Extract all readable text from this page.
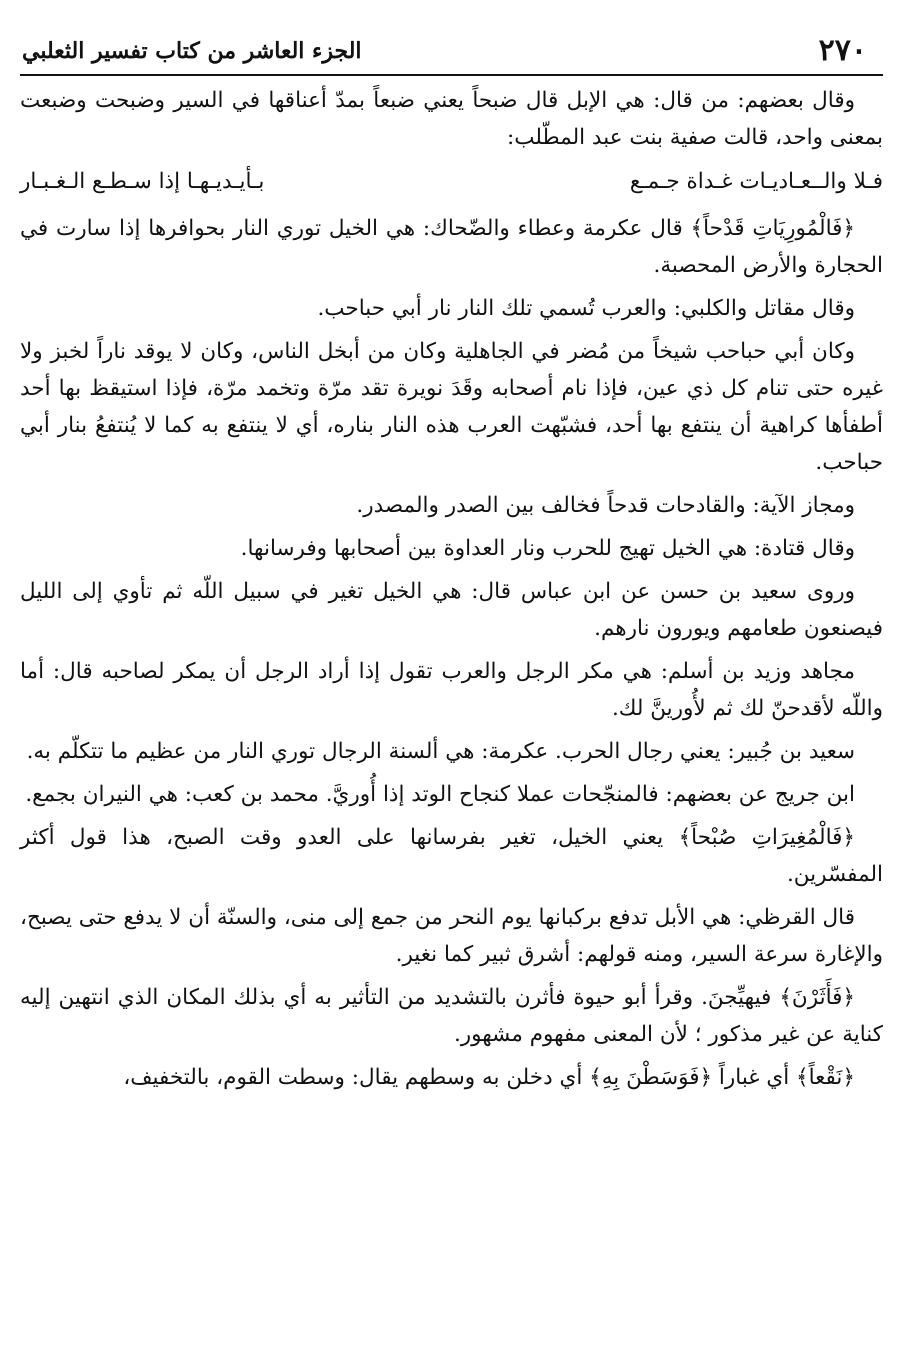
٢٧٠
الجزء العاشر من كتاب تفسير الثعلبي

وقال بعضهم: من قال: هي الإبل قال ضبحاً يعني ضبعاً بمدّ أعناقها في السير وضبحت وضبعت بمعنى واحد، قالت صفية بنت عبد المطّلب:

فـلا والــعـاديـات غـداة جـمـع
بـأيـديـهـا إذا سـطـع الـغـبـار

﴿فَالْمُورِيَاتِ قَدْحاً﴾ قال عكرمة وعطاء والضّحاك: هي الخيل توري النار بحوافرها إذا سارت في الحجارة والأرض المحصبة.

وقال مقاتل والكلبي: والعرب تُسمي تلك النار نار أبي حباحب.

وكان أبي حباحب شيخاً من مُضر في الجاهلية وكان من أبخل الناس، وكان لا يوقد ناراً لخبز ولا غيره حتى تنام كل ذي عين، فإذا نام أصحابه وقَدَ نويرة تقد مرّة وتخمد مرّة، فإذا استيقظ بها أحد أطفأها كراهية أن ينتفع بها أحد، فشبّهت العرب هذه النار بناره، أي لا ينتفع به كما لا يُنتفعُ بنار أبي حباحب.

ومجاز الآية: والقادحات قدحاً فخالف بين الصدر والمصدر.

وقال قتادة: هي الخيل تهيج للحرب ونار العداوة بين أصحابها وفرسانها.

وروى سعيد بن حسن عن ابن عباس قال: هي الخيل تغير في سبيل اللّه ثم تأوي إلى الليل فيصنعون طعامهم ويورون نارهم.

مجاهد وزيد بن أسلم: هي مكر الرجل والعرب تقول إذا أراد الرجل أن يمكر لصاحبه قال: أما واللّه لأقدحنّ لك ثم لأُورينَّ لك.

سعيد بن جُبير: يعني رجال الحرب. عكرمة: هي ألسنة الرجال توري النار من عظيم ما تتكلّم به.

ابن جريج عن بعضهم: فالمنجّحات عملا كنجاح الوتد إذا أُوريَّ. محمد بن كعب: هي النيران بجمع.

﴿فَالْمُغِيرَاتِ صُبْحاً﴾ يعني الخيل، تغير بفرسانها على العدو وقت الصبح، هذا قول أكثر المفسّرين.

قال القرظي: هي الأبل تدفع بركبانها يوم النحر من جمع إلى منى، والسنّة أن لا يدفع حتى يصبح، والإغارة سرعة السير، ومنه قولهم: أشرق ثبير كما نغير.

﴿فَأَثَرْنَ﴾ فيهيِّجنَ. وقرأ أبو حيوة فأثرن بالتشديد من التأثير به أي بذلك المكان الذي انتهين إليه كناية عن غير مذكور ؛ لأن المعنى مفهوم مشهور.

﴿نَقْعاً﴾ أي غباراً ﴿فَوَسَطْنَ بِهِ﴾ أي دخلن به وسطهم يقال: وسطت القوم، بالتخفيف،
